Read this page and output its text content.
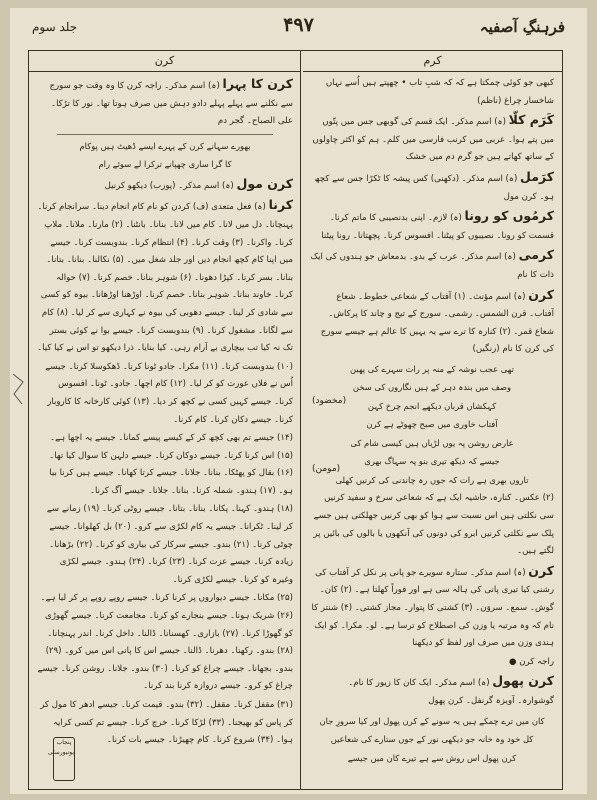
فرہنگِ آصفیہ
۴۹۷
جلد سوم
کرم
کرن

کبھی جو کوئی چمکتا ہے کہ کہ شبِ تاب • چھپتے ہیں اُسے نہاں شاخسار چراغ (ناظم)

کَرَم کلّا (ہ) اسم مذکر۔ ایک قسم کی گوبھی جس میں پتّوں میں پتے ہوا۔ عربی میں کرنب فارسی میں کلم۔ ہم کو اکثر چاولوں کے ساتھ کھاتے ہیں جو گرم دم میں خشک

کرَمل (ہ) اسم مذکر۔ (دکھنی) کس پیشہ کا ٹکڑا جس سے کچھ ہو۔ کرن مول

کرمُوں کو رونا (ہ) لازم۔ اپنی بدنصیبی کا ماتم کرنا۔ قسمت کو رونا۔ نصیبوں کو پیٹنا۔ افسوس کرنا۔ پچھتانا۔ رونا پیٹنا

کرمی (ہ) اسم مذکر۔ عرب کے بدو۔ بدمعاش جو ہندوں کی ایک ذات کا نام

کرن (ہ) اسم مؤنث۔ (۱) آفتاب کے شعاعی خطوط۔ شعاع آفتاب۔ قرن الشمس۔ رشمی۔ سورج کے تیج و چاند کا پرکاش۔ شعاع قمر۔ (۲) کنارہ کا ترے سے یہ یہیں کا عالم ہے جیسے سورج کی کرن کا نام (رنگیں)

تھی عجب نوشہ کے منہ پر رات سہرے کی پھبن
وصف میں بندہ دہر کے ہیں نگاروں کی سخن
کہکشاں قربان دیکھے انجم چرخ کہن
آفتاب خاوری میں صبح چھوٹے ہے کرن
عارض روشن پہ یوں لڑیاں ہیں کیسی شام کی
جیسے کہ دیکھ تیری بنو پہ سہاگ بھری
تاروں بھری ہے رات کہ جوں رہ چاندنی کی کرنیں کھلی
(مخضود)
(مومن)

(۲) عکس۔ کنارہ، حاشیہ ایک ہے کہ شعاعی سرخ و سفید کرنیں سی نکلتی ہیں اس نسبت سے ہوا کو بھی کرنیں جھلکتی ہیں جسے پلک سے نکلتی کرنیں ابرو کی دونوں کی آنکھوں یا بالوں کی بائیں پر لگتے ہیں۔

کرن (ہ) اسم مذکر۔ ستارہ سویرے جو پانی پر نکل کر آفتاب کی رشنی کیا تیری پانی کی ہالہ سی ہے اور فوراً کھلتا ہے۔ (۲) کان۔ گوش۔ سمع۔ سروَن۔ (۳) کشتی کا پتوار۔ مجاز کشتی۔ (۴) شنتر کا نام کہ وہ مرتبہ یا وزن کی اصطلاح کو ترسا ہے۔ لو۔ مکرا۔ کو ایک ہندی وزن میں صرف اور لفظ کو دیکھنا

راجہ کرن ●

کرن پھول (ہ) اسم مذکر۔ ایک کان کا زیور کا نام۔ گوشوارہ۔ آویزہ گرنفل۔ کرن پھول

کان میں ترے چمکے ہیں یہ سونے کے کرن پھول اور کیا سرورِ جان
کل خود وہ خانہ جو دیکھی نور کے جوں ستارے کی شعاعیں
کرن پھول اس روش سے ہے تیرے کان میں جیسے

کرن کا پہرا (ہ) اسم مذکر۔ راجہ کرن کا وہ وقت جو سورج سے نکلنے سے پہلے پہلے دادو دہش میں صرف ہوتا تھا۔ نور کا تڑکا۔ علی الصباح۔ گجر دم

بھورے سہانے کرن کے پہرے ایسے ڈھیٹ ہیں پوکام
کا گرا ساری چھپانے ترکرا لے سوئے رام

کرن مول (ہ) اسم مذکر۔ (پورب) دیکھو کرنیل

کرنا (ہ) فعل متعدی (ف) کردن کو نام کام انجام دینا۔ سرانجام کرنا۔ پہنچانا۔ دل میں لانا۔ کام میں لانا۔ بنانا۔ بانٹنا۔ (۲) مارنا۔ ملانا۔ ملاپ کرنا۔ واکرنا۔ (۳) وقت کرنا۔ (۴) انتظام کرنا۔ بندوبست کرنا۔ جیسے میں اپنا کام کچھ انجام دیں اور جلد شغل میں۔ (۵) نکالنا۔ بنانا۔ بتانا۔ بنانا۔ بسر کرنا۔ کپڑا دھونا۔ (۶) شوہر بنانا۔ خصم کرنا۔ (۷) حوالہ کرنا۔ خاوند بنانا۔ شوہر بنانا۔ خصم کرنا۔ اوڑھنا اوڑھانا۔ بیوہ کو کسی سے شادی کر لینا۔ جیسے دھوبی کی بیوہ نے کہاری سے کر لیا۔ (۸) کام سے لگانا۔ مشغول کرنا۔ (۹) بندوبست کرنا۔ جیسے بوا نے کوئی بستر تک نہ کیا تب بیچاری بے آرام رہی۔ کیا بنایا۔ ذرا دیکھو تو اس نے کیا کیا۔

(۱۰) بندوبست کرنا۔ (۱۱) مکرا۔ جادو ٹونا کرنا۔ ڈھکوسلا کرنا۔ جیسے اُس نے فلاں عورت کو کر لیا۔ (۱۲) کام اچھا۔ جادو۔ ٹونا۔ افسوس کرنا۔ جیسے کہیں کسی نے کچھ کر دیا۔ (۱۳) کوئی کارخانہ کا کاروبار کرنا۔ جیسے دکان کرنا۔ کام کرنا۔

(۱۴) جیسے تم بھی کچھ کر کے کیسے پیسے کمانا۔ جیسے یہ اچھا ہے۔ (۱۵) اس کرنا کرنا۔ جیسے دوکان کرنا۔ جیسے دلہن کا سوال کیا تھا۔ (۱۶) بقال کو پھٹکا۔ بنانا۔ جلانا۔ جیسے کرتا کھانا۔ جیسے ہیں کرنا بیا ہو۔ (۱۷) ہندو۔ شملہ کرنا۔ بنانا۔ جلانا۔ جیسے آگ کرنا۔

(۱۸) ہندو۔ کہنا۔ پکانا۔ بنانا۔ بتانا۔ جیسے روٹی کرنا۔ (۱۹) زمانے سے کر لینا۔ ٹکرانا۔ جیسے یہ کام لکڑی سے کرو۔ (۲۰) بل کھلوانا۔ جیسے چوٹی کرنا۔ (۲۱) بندو۔ جیسے سرکار کی بیاری کو کرنا۔ (۲۲) بڑھانا۔ زیادہ کرنا۔ جیسے عزت کرنا۔ (۲۳) کرنا۔ (۲۴) ہندو۔ جیسے لکڑی وغیرہ کو کرنا۔ جیسے لکڑی کرنا۔

(۲۵) مکانا۔ جیسے دیواروں پر کرنا کرنا۔ جیسے روپے روپے پر کر لیا ہے۔ (۲۶) شریک ہونا۔ جیسے بنجارے کو کرنا۔ مجامعت کرنا۔ جیسے گھوڑی کو گھوڑا کرنا۔ (۲۷) بازاری۔ کھسنانا۔ ڈالنا۔ داخل کرنا۔ اندر پہنچانا۔ (۲۸) بندو۔ رکھنا۔ دھرنا۔ ڈالنا۔ جیسے اس کا پانی اس میں کرو۔ (۲۹) بندو۔ بجھانا۔ جیسے چراغ کو کرنا۔ (۳۰) بندو۔ جلانا۔ روشن کرنا۔ جیسے چراغ کو کرو۔ جیسے دروازہ کرنا بند کرنا۔

(۳۱) مقفل کرنا۔ مقفل۔ (۳۲) بندو۔ قیمت کرنا۔ جیسے ادھر کا مول کر کر پاس کو بھیجنا۔ (۳۳) لڑکا کرنا۔ خرچ کرنا۔ جیسے تم کسی کرایہ ہوا۔ (۳۴) شروع کرنا۔ کام چھیڑنا۔ جیسے بات کرنا۔

پنجاب یونیورسٹی
